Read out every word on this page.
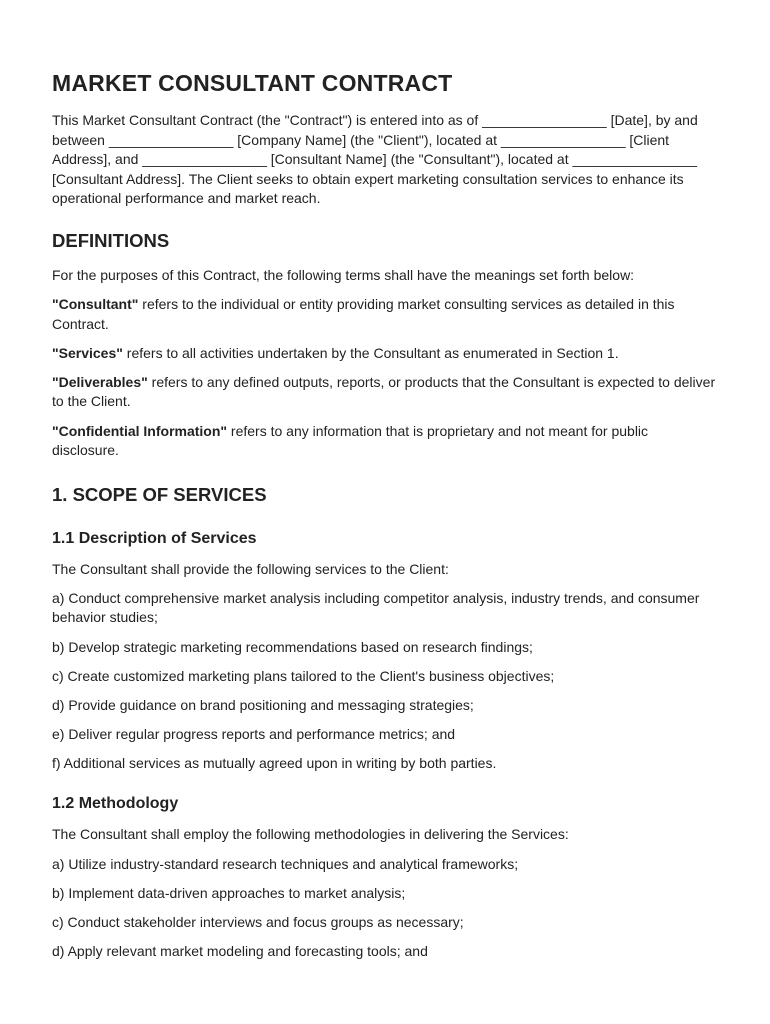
MARKET CONSULTANT CONTRACT

This Market Consultant Contract (the "Contract") is entered into as of ________________ [Date], by and between ________________ [Company Name] (the "Client"), located at ________________ [Client Address], and ________________ [Consultant Name] (the "Consultant"), located at ________________ [Consultant Address]. The Client seeks to obtain expert marketing consultation services to enhance its operational performance and market reach.

DEFINITIONS

For the purposes of this Contract, the following terms shall have the meanings set forth below:

"Consultant" refers to the individual or entity providing market consulting services as detailed in this Contract.

"Services" refers to all activities undertaken by the Consultant as enumerated in Section 1.

"Deliverables" refers to any defined outputs, reports, or products that the Consultant is expected to deliver to the Client.

"Confidential Information" refers to any information that is proprietary and not meant for public disclosure.

1. SCOPE OF SERVICES
1.1 Description of Services

The Consultant shall provide the following services to the Client:

a) Conduct comprehensive market analysis including competitor analysis, industry trends, and consumer behavior studies;

b) Develop strategic marketing recommendations based on research findings;

c) Create customized marketing plans tailored to the Client's business objectives;

d) Provide guidance on brand positioning and messaging strategies;

e) Deliver regular progress reports and performance metrics; and

f) Additional services as mutually agreed upon in writing by both parties.

1.2 Methodology

The Consultant shall employ the following methodologies in delivering the Services:

a) Utilize industry-standard research techniques and analytical frameworks;

b) Implement data-driven approaches to market analysis;

c) Conduct stakeholder interviews and focus groups as necessary;

d) Apply relevant market modeling and forecasting tools; and
